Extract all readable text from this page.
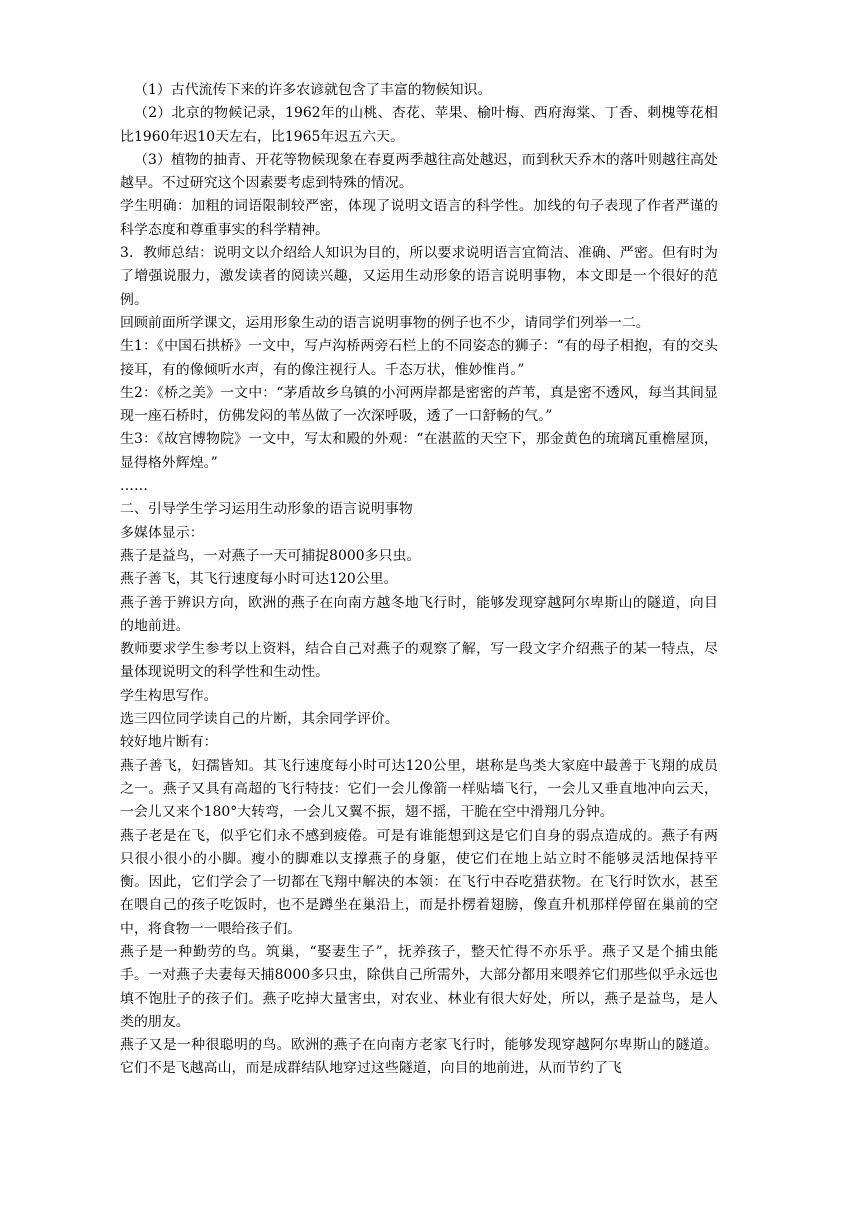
（1）古代流传下来的许多农谚就包含了丰富的物候知识。

（2）北京的物候记录，1962年的山桃、杏花、苹果、榆叶梅、西府海棠、丁香、刺槐等花相比1960年迟10天左右，比1965年迟五六天。

（3）植物的抽青、开花等物候现象在春夏两季越往高处越迟，而到秋天乔木的落叶则越往高处越早。不过研究这个因素要考虑到特殊的情况。

学生明确：加粗的词语限制较严密，体现了说明文语言的科学性。加线的句子表现了作者严谨的科学态度和尊重事实的科学精神。

3．教师总结：说明文以介绍给人知识为目的，所以要求说明语言宜简洁、准确、严密。但有时为了增强说服力，激发读者的阅读兴趣，又运用生动形象的语言说明事物，本文即是一个很好的范例。

回顾前面所学课文，运用形象生动的语言说明事物的例子也不少，请同学们列举一二。

生1：《中国石拱桥》一文中，写卢沟桥两旁石栏上的不同姿态的狮子：“有的母子相抱，有的交头接耳，有的像倾听水声，有的像注视行人。千态万状，惟妙惟肖。”

生2：《桥之美》一文中：“茅盾故乡乌镇的小河两岸都是密密的芦苇，真是密不透风，每当其间显现一座石桥时，仿佛发闷的苇丛做了一次深呼吸，透了一口舒畅的气。”

生3：《故宫博物院》一文中，写太和殿的外观：“在湛蓝的天空下，那金黄色的琉璃瓦重檐屋顶，显得格外辉煌。”

……

二、引导学生学习运用生动形象的语言说明事物

多媒体显示：

燕子是益鸟，一对燕子一天可捕捉8000多只虫。

燕子善飞，其飞行速度每小时可达120公里。

燕子善于辨识方向，欧洲的燕子在向南方越冬地飞行时，能够发现穿越阿尔卑斯山的隧道，向目的地前进。

教师要求学生参考以上资料，结合自己对燕子的观察了解，写一段文字介绍燕子的某一特点，尽量体现说明文的科学性和生动性。

学生构思写作。

选三四位同学读自己的片断，其余同学评价。

较好地片断有：

燕子善飞，妇孺皆知。其飞行速度每小时可达120公里，堪称是鸟类大家庭中最善于飞翔的成员之一。燕子又具有高超的飞行特技：它们一会儿像箭一样贴墙飞行，一会儿又垂直地冲向云天，一会儿又来个180°大转弯，一会儿又翼不振，翅不摇，干脆在空中滑翔几分钟。

燕子老是在飞，似乎它们永不感到疲倦。可是有谁能想到这是它们自身的弱点造成的。燕子有两只很小很小的小脚。瘦小的脚难以支撑燕子的身躯，使它们在地上站立时不能够灵活地保持平衡。因此，它们学会了一切都在飞翔中解决的本领：在飞行中吞吃猎获物。在飞行时饮水，甚至在喂自己的孩子吃饭时，也不是蹲坐在巢沿上，而是扑楞着翅膀，像直升机那样停留在巢前的空中，将食物一一喂给孩子们。

燕子是一种勤劳的鸟。筑巢，“娶妻生子”，抚养孩子，整天忙得不亦乐乎。燕子又是个捕虫能手。一对燕子夫妻每天捕8000多只虫，除供自己所需外，大部分都用来喂养它们那些似乎永远也填不饱肚子的孩子们。燕子吃掉大量害虫，对农业、林业有很大好处，所以，燕子是益鸟，是人类的朋友。

燕子又是一种很聪明的鸟。欧洲的燕子在向南方老家飞行时，能够发现穿越阿尔卑斯山的隧道。它们不是飞越高山，而是成群结队地穿过这些隧道，向目的地前进，从而节约了飞
